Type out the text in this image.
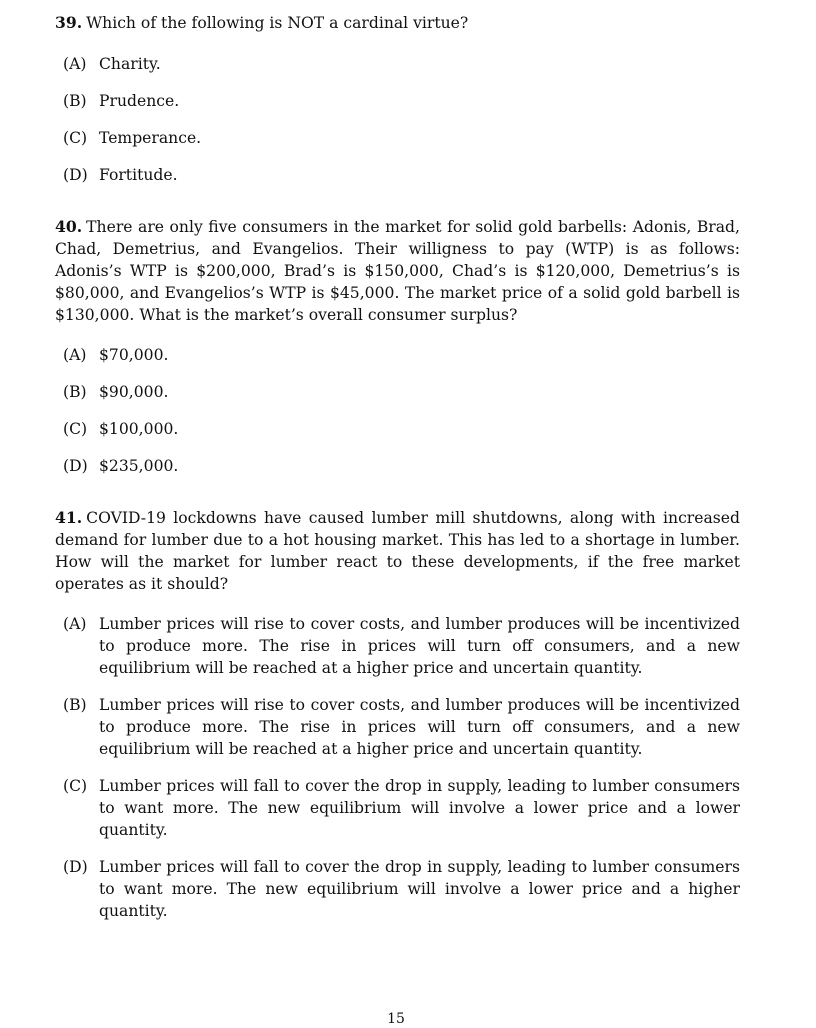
39. Which of the following is NOT a cardinal virtue?

(A) Charity.
(B) Prudence.
(C) Temperance.
(D) Fortitude.

40. There are only five consumers in the market for solid gold barbells: Adonis, Brad, Chad, Demetrius, and Evangelios. Their willigness to pay (WTP) is as follows: Adonis’s WTP is $200,000, Brad’s is $150,000, Chad’s is $120,000, Demetrius’s is $80,000, and Evangelios’s WTP is $45,000. The market price of a solid gold barbell is $130,000. What is the market’s overall consumer surplus?

(A) $70,000.
(B) $90,000.
(C) $100,000.
(D) $235,000.

41. COVID-19 lockdowns have caused lumber mill shutdowns, along with increased demand for lumber due to a hot housing market. This has led to a shortage in lumber. How will the market for lumber react to these developments, if the free market operates as it should?

(A) Lumber prices will rise to cover costs, and lumber produces will be incentivized to produce more. The rise in prices will turn off consumers, and a new equilibrium will be reached at a higher price and uncertain quantity.
(B) Lumber prices will rise to cover costs, and lumber produces will be incentivized to produce more. The rise in prices will turn off consumers, and a new equilibrium will be reached at a higher price and uncertain quantity.
(C) Lumber prices will fall to cover the drop in supply, leading to lumber consumers to want more. The new equilibrium will involve a lower price and a lower quantity.
(D) Lumber prices will fall to cover the drop in supply, leading to lumber consumers to want more. The new equilibrium will involve a lower price and a higher quantity.
15
